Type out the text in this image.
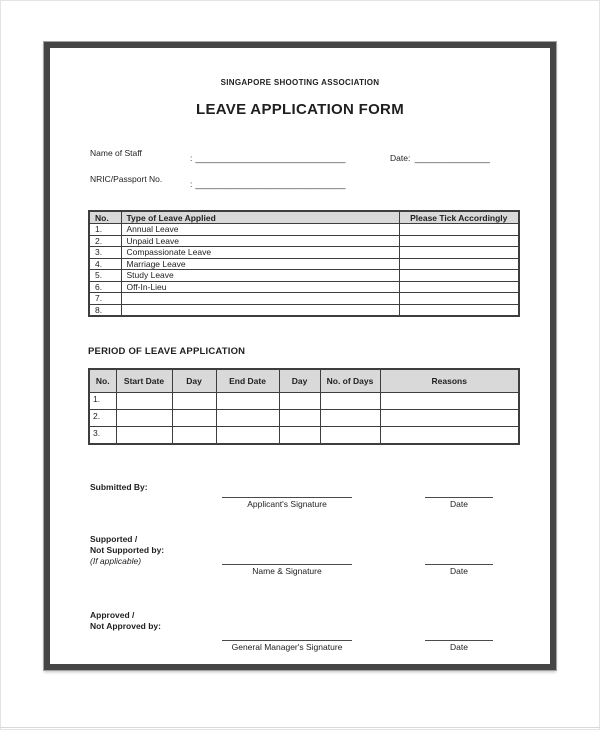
SINGAPORE SHOOTING ASSOCIATION
LEAVE APPLICATION FORM
Name of Staff	: ______________________________	Date: _______________
NRIC/Passport No.	: ______________________________
No.	Type of Leave Applied	Please Tick Accordingly
1.	Annual Leave	
2.	Unpaid Leave	
3.	Compassionate Leave	
4.	Marriage Leave	
5.	Study Leave	
6.	Off-In-Lieu	
7.		
8.		
PERIOD OF LEAVE APPLICATION
No.	Start Date	Day	End Date	Day	No. of Days	Reasons
1.						
2.						
3.						
Submitted By:
Applicant's Signature	Date
Supported /
Not Supported by:
(If applicable)
Name & Signature	Date
Approved /
Not Approved by:
General Manager's Signature	Date
